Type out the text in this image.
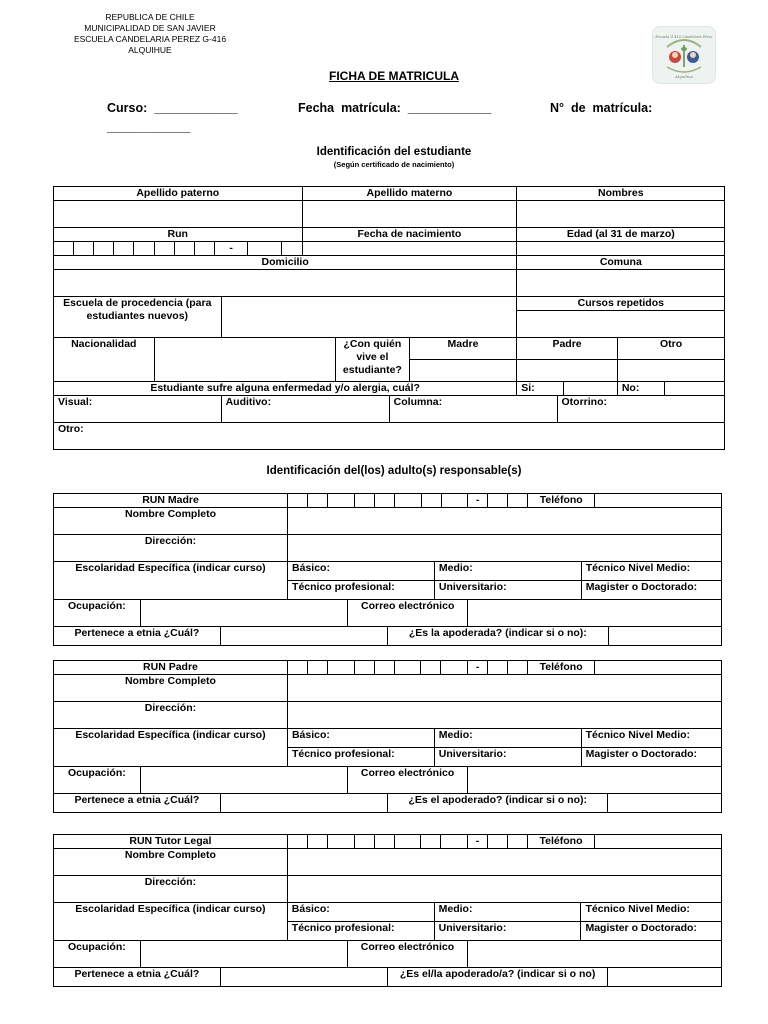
REPUBLICA DE CHILE
MUNICIPALIDAD DE SAN JAVIER
ESCUELA CANDELARIA PEREZ G-416
ALQUIHUE
Escuela G-416 Candelaria Pérez
Alquihue
FICHA DE MATRICULA
Curso:  ____________	Fecha  matrícula:  ____________	N°  de  matrícula:
____________
Identificación del estudiante
(Según certificado de nacimiento)
Apellido paterno												Apellido materno				Nombres				

Run												Fecha de nacimiento				Edad (al 31 de marzo)				
								-												
Domicilio																Comuna				

Escuela de procedencia (para estudiantes nuevos)																Cursos repetidos				

Nacionalidad													¿Con quién vive el estudiante?		Madre	Padre			Otro	

Estudiante sufre alguna enfermedad y/o alergia, cuál?																Si:			No:	
Visual:									Auditivo:					Columna:			Otorrino:			
Otro:																				
Identificación del(los) adulto(s) responsable(s)
RUN Madre														-			Teléfono			
Nombre Completo																				
Dirección:																				
Escolaridad Específica (indicar curso)			Básico:									Medio:						Técnico Nivel Medio:		
			Técnico profesional:									Universitario:						Magister o Doctorado:		
Ocupación:						Correo electrónico														
Pertenece a etnia ¿Cuál?									¿Es la apoderada? (indicar si o no):											
RUN Padre														-			Teléfono			
Nombre Completo																				
Dirección:																				
Escolaridad Específica (indicar curso)			Básico:									Medio:						Técnico Nivel Medio:		
			Técnico profesional:									Universitario:						Magister o Doctorado:		
Ocupación:						Correo electrónico														
Pertenece a etnia ¿Cuál?									¿Es el apoderado? (indicar si o no):											
RUN Tutor Legal														-			Teléfono			
Nombre Completo																				
Dirección:																				
Escolaridad Específica (indicar curso)			Básico:									Medio:						Técnico Nivel Medio:		
			Técnico profesional:									Universitario:						Magister o Doctorado:		
Ocupación:						Correo electrónico														
Pertenece a etnia ¿Cuál?									¿Es el/la apoderado/a? (indicar si o no)											
